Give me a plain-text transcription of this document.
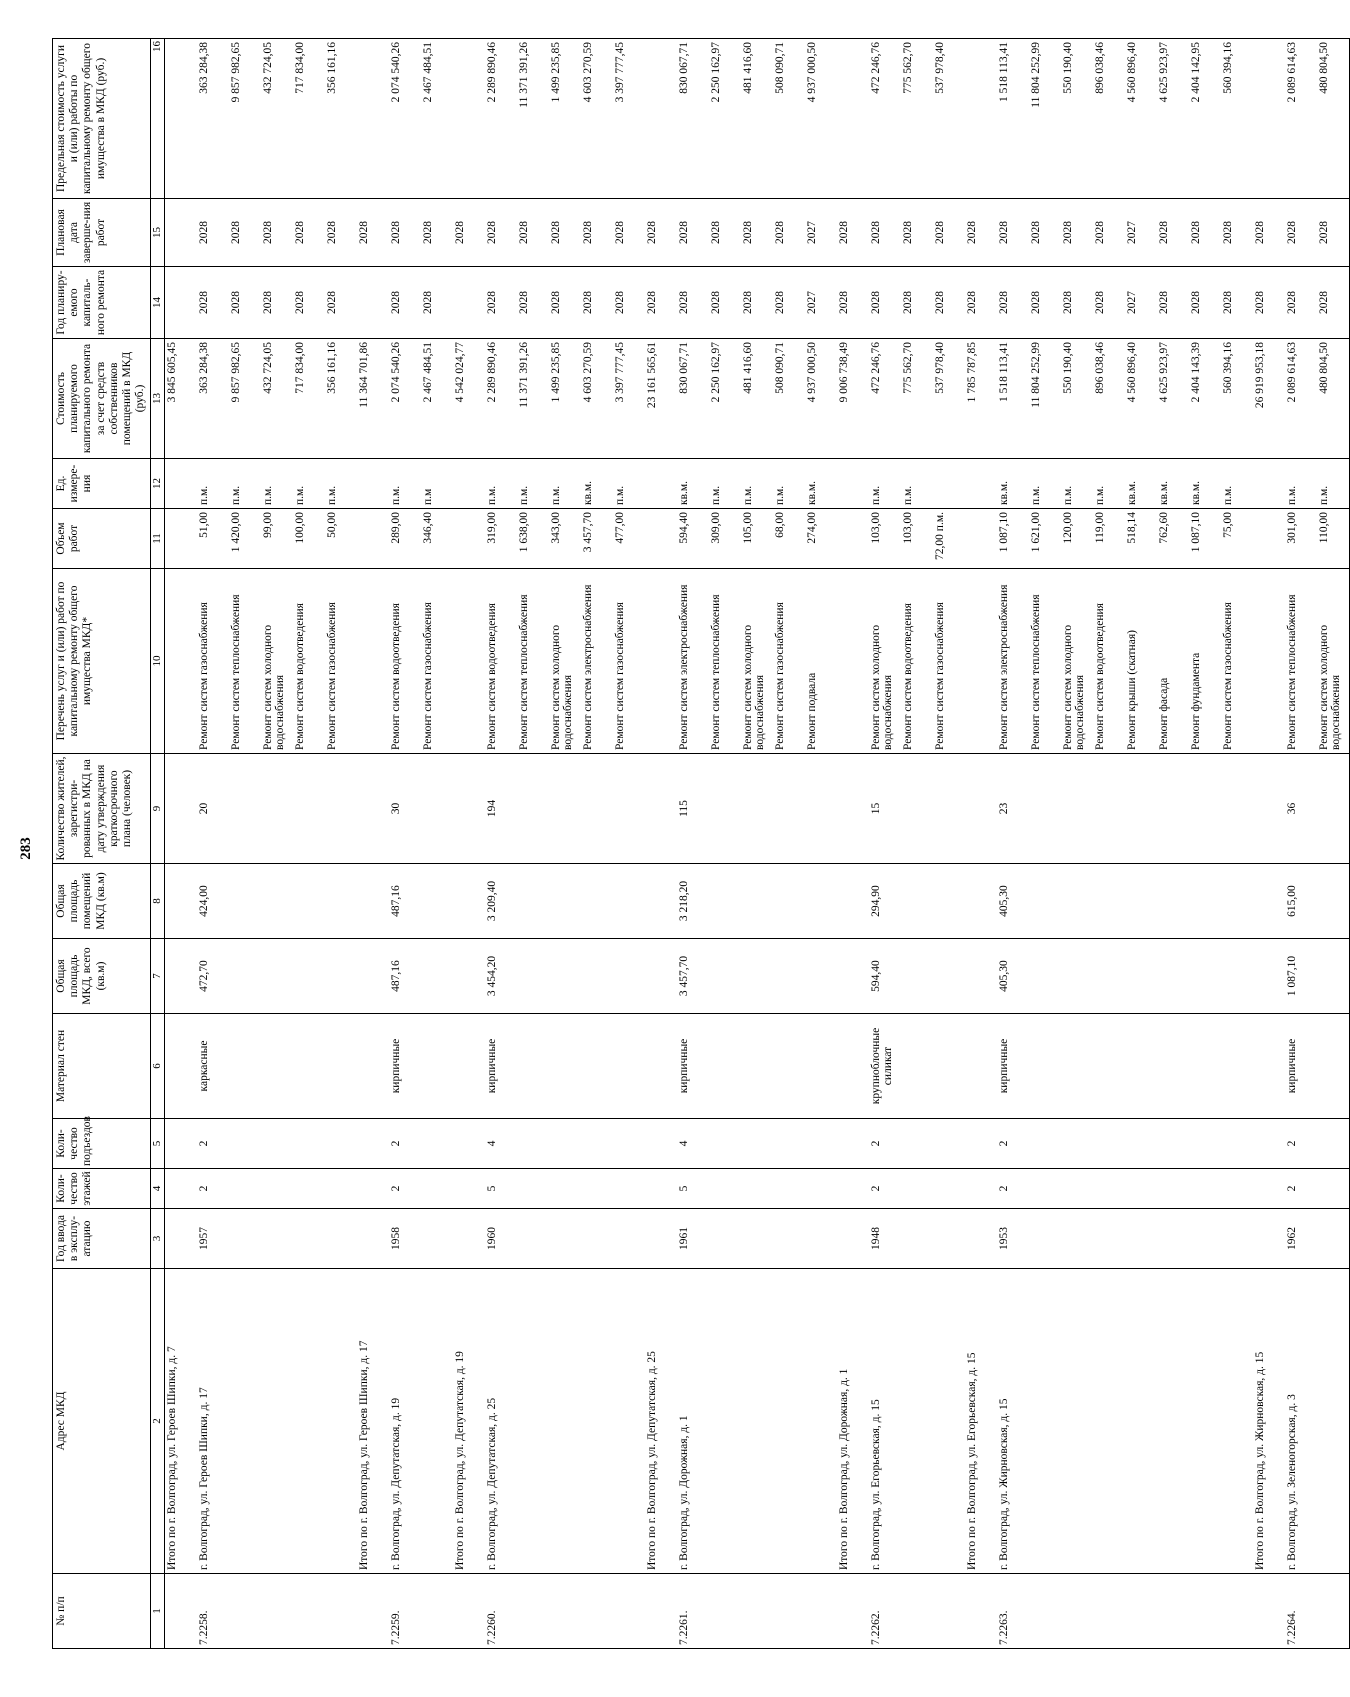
283
№ п/п	Адрес МКД	Год ввода в эксплу-атацию	Коли-чество этажей	Коли-чество подъездов	Материал стен	Общая площадь МКД, всего (кв.м)	Общая площадь помещений МКД (кв.м)	Количество жителей, зарегистри-рованных в МКД на дату утверждения краткосрочного плана (человек)	Перечень услуг и (или) работ по капитальному ремонту общего имущества МКД*	Объем работ	Ед. измере-ния	Стоимость планируемого капитального ремонта за счет средств собственников помещений в МКД (руб.)	Год планиру-емого капиталь-ного ремонта	Плановая дата заверше-ния работ	Предельная стоимость услуги и (или) работы по капитальному ремонту общего имущества в МКД (руб.)
1	2	3	4	5	6	7	8	9	10	11	12	13	14	15	16
	Итого по г. Волгоград, ул. Героев Шипки, д. 7											3 845 605,45			
7.2258.	г. Волгоград, ул. Героев Шипки, д. 17	1957	2	2	каркасные	472,70	424,00	20	Ремонт систем газоснабжения	51,00	п.м.	363 284,38	2028	2028	363 284,38
									Ремонт систем теплоснабжения	1 420,00	п.м.	9 857 982,65	2028	2028	9 857 982,65
									Ремонт систем холодного водоснабжения	99,00	п.м.	432 724,05	2028	2028	432 724,05
									Ремонт систем водоотведения	100,00	п.м.	717 834,00	2028	2028	717 834,00
									Ремонт систем газоснабжения	50,00	п.м.	356 161,16	2028	2028	356 161,16
	Итого по г. Волгоград, ул. Героев Шипки, д. 17											11 364 701,86		2028	
7.2259.	г. Волгоград, ул. Депутатская, д. 19	1958	2	2	кирпичные	487,16	487,16	30	Ремонт систем водоотведения	289,00	п.м.	2 074 540,26	2028	2028	2 074 540,26
									Ремонт систем газоснабжения	346,40	п.м	2 467 484,51	2028	2028	2 467 484,51
	Итого по г. Волгоград, ул. Депутатская, д. 19											4 542 024,77		2028	
7.2260.	г. Волгоград, ул. Депутатская, д. 25	1960	5	4	кирпичные	3 454,20	3 209,40	194	Ремонт систем водоотведения	319,00	п.м.	2 289 890,46	2028	2028	2 289 890,46
									Ремонт систем теплоснабжения	1 638,00	п.м.	11 371 391,26	2028	2028	11 371 391,26
									Ремонт систем холодного водоснабжения	343,00	п.м.	1 499 235,85	2028	2028	1 499 235,85
									Ремонт систем электроснабжения	3 457,70	кв.м.	4 603 270,59	2028	2028	4 603 270,59
									Ремонт систем газоснабжения	477,00	п.м.	3 397 777,45	2028	2028	3 397 777,45
	Итого по г. Волгоград, ул. Депутатская, д. 25											23 161 565,61	2028	2028	
7.2261.	г. Волгоград, ул. Дорожная, д. 1	1961	5	4	кирпичные	3 457,70	3 218,20	115	Ремонт систем электроснабжения	594,40	кв.м.	830 067,71	2028	2028	830 067,71
									Ремонт систем теплоснабжения	309,00	п.м.	2 250 162,97	2028	2028	2 250 162,97
									Ремонт систем холодного водоснабжения	105,00	п.м.	481 416,60	2028	2028	481 416,60
									Ремонт систем газоснабжения	68,00	п.м.	508 090,71	2028	2028	508 090,71
									Ремонт подвала	274,00	кв.м.	4 937 000,50	2027	2027	4 937 000,50
	Итого по г. Волгоград, ул. Дорожная, д. 1											9 006 738,49	2028	2028	
7.2262.	г. Волгоград, ул. Егорьевская, д. 15	1948	2	2	крупноблочные силикат	594,40	294,90	15	Ремонт систем холодного водоснабжения	103,00	п.м.	472 246,76	2028	2028	472 246,76
									Ремонт систем водоотведения	103,00	п.м.	775 562,70	2028	2028	775 562,70
									Ремонт систем газоснабжения	72,00 п.м.		537 978,40	2028	2028	537 978,40
	Итого по г. Волгоград, ул. Егорьевская, д. 15											1 785 787,85	2028	2028	
7.2263.	г. Волгоград, ул. Жирновская, д. 15	1953	2	2	кирпичные	405,30	405,30	23	Ремонт систем электроснабжения	1 087,10	кв.м.	1 518 113,41	2028	2028	1 518 113,41
									Ремонт систем теплоснабжения	1 621,00	п.м.	11 804 252,99	2028	2028	11 804 252,99
									Ремонт систем холодного водоснабжения	120,00	п.м.	550 190,40	2028	2028	550 190,40
									Ремонт систем водоотведения	119,00	п.м.	896 038,46	2028	2028	896 038,46
									Ремонт крыши (скатная)	518,14	кв.м.	4 560 896,40	2027	2027	4 560 896,40
									Ремонт фасада	762,60	кв.м.	4 625 923,97	2028	2028	4 625 923,97
									Ремонт фундамента	1 087,10	кв.м.	2 404 143,39	2028	2028	2 404 142,95
									Ремонт систем газоснабжения	75,00	п.м.	560 394,16	2028	2028	560 394,16
	Итого по г. Волгоград, ул. Жирновская, д. 15											26 919 953,18	2028	2028	
7.2264.	г. Волгоград, ул. Зеленогорская, д. 3	1962	2	2	кирпичные	1 087,10	615,00	36	Ремонт систем теплоснабжения	301,00	п.м.	2 089 614,63	2028	2028	2 089 614,63
									Ремонт систем холодного водоснабжения	110,00	п.м.	480 804,50	2028	2028	480 804,50
